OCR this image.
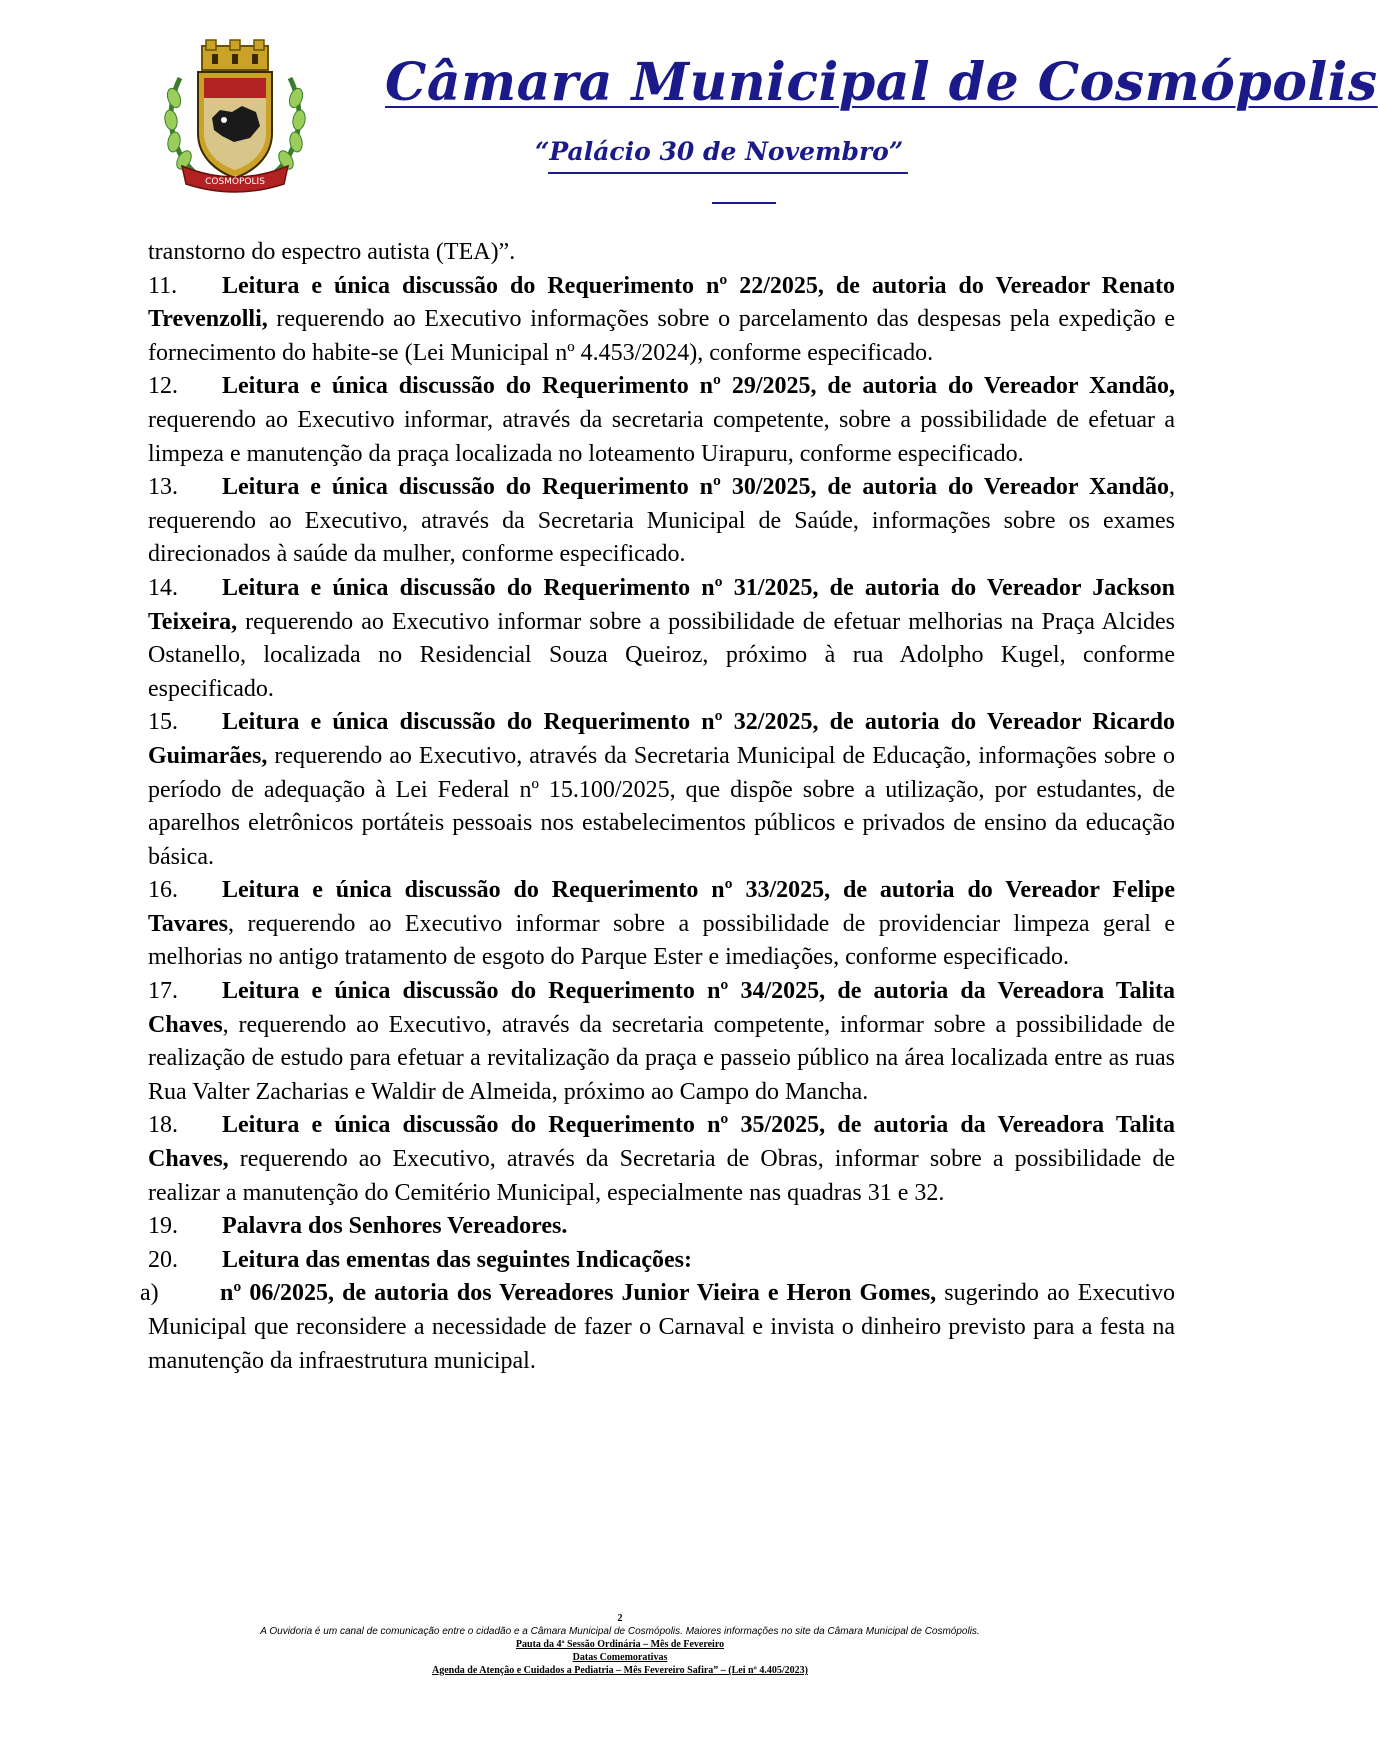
COSMÓPOLIS
Câmara Municipal de Cosmópolis
“Palácio 30 de Novembro”

transtorno do espectro autista (TEA)”.

11. Leitura e única discussão do Requerimento nº 22/2025, de autoria do Vereador Renato Trevenzolli, requerendo ao Executivo informações sobre o parcelamento das despesas pela expedição e fornecimento do habite-se (Lei Municipal nº 4.453/2024), conforme especificado.

12. Leitura e única discussão do Requerimento nº 29/2025, de autoria do Vereador Xandão, requerendo ao Executivo informar, através da secretaria competente, sobre a possibilidade de efetuar a limpeza e manutenção da praça localizada no loteamento Uirapuru, conforme especificado.

13. Leitura e única discussão do Requerimento nº 30/2025, de autoria do Vereador Xandão, requerendo ao Executivo, através da Secretaria Municipal de Saúde, informações sobre os exames direcionados à saúde da mulher, conforme especificado.

14. Leitura e única discussão do Requerimento nº 31/2025, de autoria do Vereador Jackson Teixeira, requerendo ao Executivo informar sobre a possibilidade de efetuar melhorias na Praça Alcides Ostanello, localizada no Residencial Souza Queiroz, próximo à rua Adolpho Kugel, conforme especificado.

15. Leitura e única discussão do Requerimento nº 32/2025, de autoria do Vereador Ricardo Guimarães, requerendo ao Executivo, através da Secretaria Municipal de Educação, informações sobre o período de adequação à Lei Federal nº 15.100/2025, que dispõe sobre a utilização, por estudantes, de aparelhos eletrônicos portáteis pessoais nos estabelecimentos públicos e privados de ensino da educação básica.

16. Leitura e única discussão do Requerimento nº 33/2025, de autoria do Vereador Felipe Tavares, requerendo ao Executivo informar sobre a possibilidade de providenciar limpeza geral e melhorias no antigo tratamento de esgoto do Parque Ester e imediações, conforme especificado.

17. Leitura e única discussão do Requerimento nº 34/2025, de autoria da Vereadora Talita Chaves, requerendo ao Executivo, através da secretaria competente, informar sobre a possibilidade de realização de estudo para efetuar a revitalização da praça e passeio público na área localizada entre as ruas Rua Valter Zacharias e Waldir de Almeida, próximo ao Campo do Mancha.

18. Leitura e única discussão do Requerimento nº 35/2025, de autoria da Vereadora Talita Chaves, requerendo ao Executivo, através da Secretaria de Obras, informar sobre a possibilidade de realizar a manutenção do Cemitério Municipal, especialmente nas quadras 31 e 32.

19. Palavra dos Senhores Vereadores.

20. Leitura das ementas das seguintes Indicações:

a)	nº 06/2025, de autoria dos Vereadores Junior Vieira e Heron Gomes, sugerindo ao Executivo Municipal que reconsidere a necessidade de fazer o Carnaval e invista o dinheiro previsto para a festa na manutenção da infraestrutura municipal.

2
A Ouvidoria é um canal de comunicação entre o cidadão e a Câmara Municipal de Cosmópolis. Maiores informações no site da Câmara Municipal de Cosmópolis.
Pauta da 4ª Sessão Ordinária – Mês de Fevereiro
Datas Comemorativas
Agenda de Atenção e Cuidados a Pediatria – Mês Fevereiro Safira” – (Lei nº 4.405/2023)
